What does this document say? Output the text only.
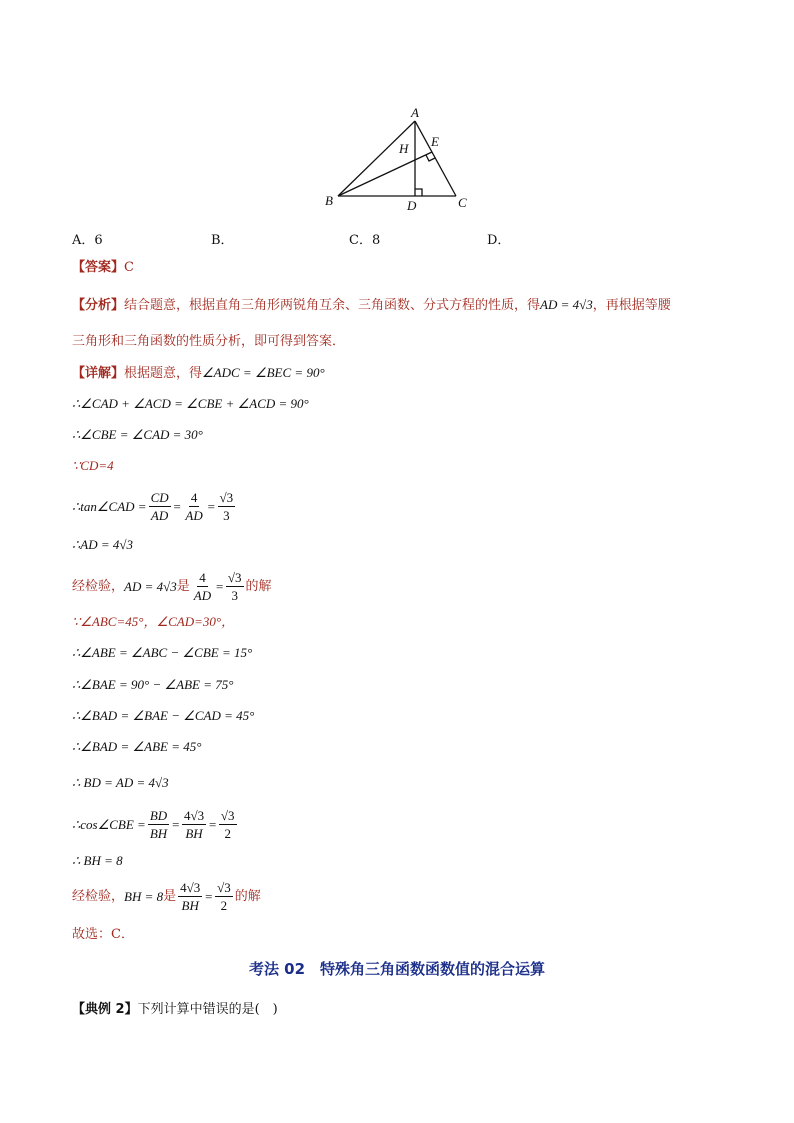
A
B	C
D
E
H
A．6	B．	C．8	D．
【答案】C
【分析】结合题意，根据直角三角形两锐角互余、三角函数、分式方程的性质，得AD = 4√3，再根据等腰
三角形和三角函数的性质分析，即可得到答案．
【详解】根据题意，得∠ADC = ∠BEC = 90°
∴∠CAD + ∠ACD = ∠CBE + ∠ACD = 90°
∴∠CBE = ∠CAD = 30°
∵CD=4
∴tan∠CAD = $\frac{CD}{AD} = \frac{4}{AD} = \frac{√3}{3}$
∴AD = 4√3
经检验， AD = 4√3 是 $\frac{4}{AD} = \frac{√3}{3}$ 的解
∵∠ABC=45°，∠CAD=30°，
∴∠ABE = ∠ABC − ∠CBE = 15°
∴∠BAE = 90° − ∠ABE = 75°
∴∠BAD = ∠BAE − ∠CAD = 45°
∴∠BAD = ∠ABE = 45°
∴ BD = AD = 4√3
∴cos∠CBE = $\frac{BD}{BH} = \frac{4√3}{BH} = \frac{√3}{2}$
∴ BH = 8
经检验， BH = 8 是 $\frac{4√3}{BH} = \frac{√3}{2}$ 的解
故选：C．
考法 02　特殊角三角函数函数值的混合运算
【典例 2】下列计算中错误的是(　)
